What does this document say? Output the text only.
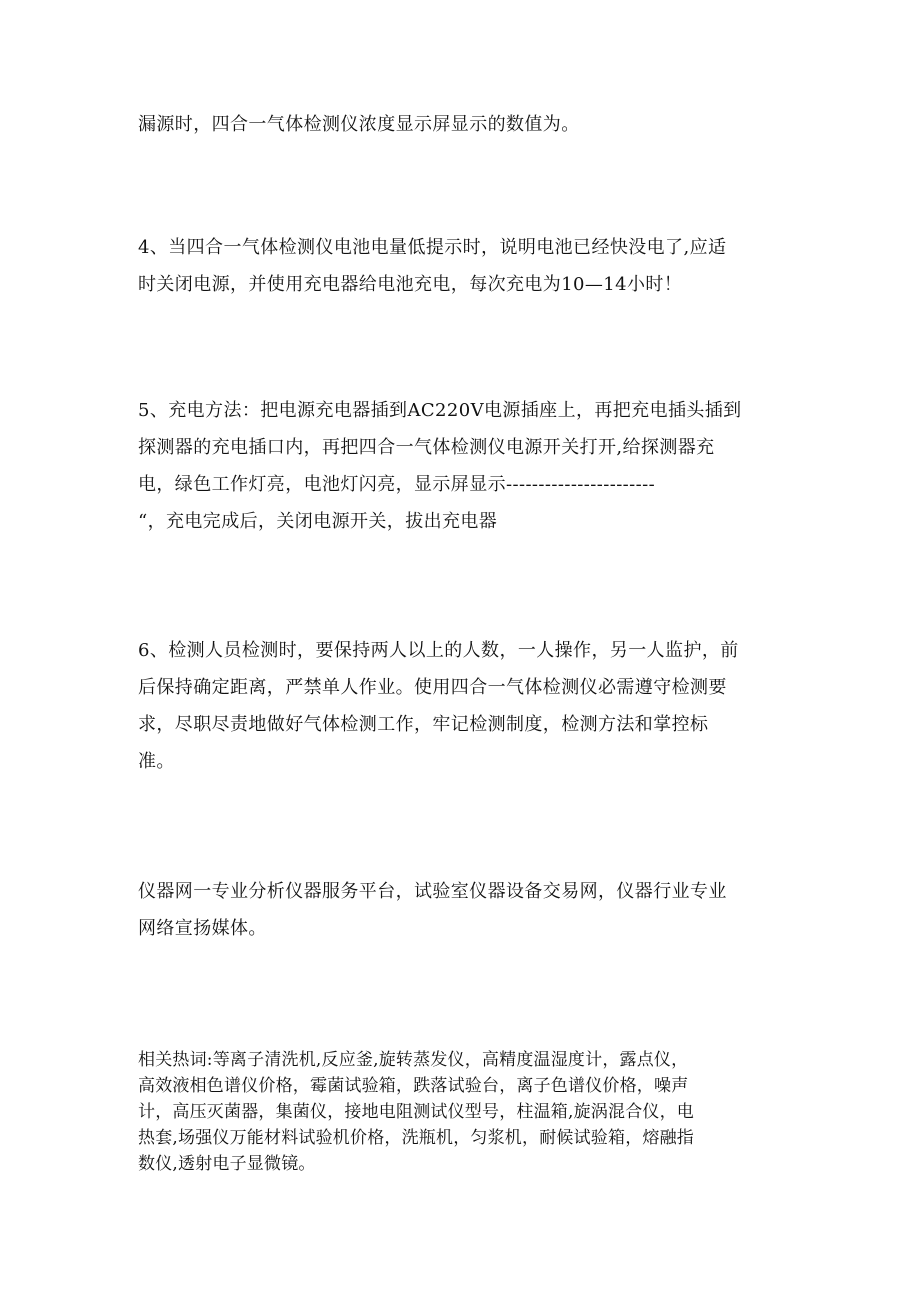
漏源时，四合一气体检测仪浓度显示屏显示的数值为。
4、当四合一气体检测仪电池电量低提示时，说明电池已经快没电了,应适
时关闭电源，并使用充电器给电池充电，每次充电为10—14小时！
5、充电方法：把电源充电器插到AC220V电源插座上，再把充电插头插到
探测器的充电插口内，再把四合一气体检测仪电源开关打开,给探测器充
电，绿色工作灯亮，电池灯闪亮，显示屏显示-----------------------
“，充电完成后，关闭电源开关，拔出充电器
6、检测人员检测时，要保持两人以上的人数，一人操作，另一人监护，前
后保持确定距离，严禁单人作业。使用四合一气体检测仪必需遵守检测要
求，尽职尽责地做好气体检测工作，牢记检测制度，检测方法和掌控标
准。
仪器网一专业分析仪器服务平台，试验室仪器设备交易网，仪器行业专业
网络宣扬媒体。
相关热词:等离子清洗机,反应釜,旋转蒸发仪，高精度温湿度计，露点仪，
高效液相色谱仪价格，霉菌试验箱，跌落试验台，离子色谱仪价格，噪声
计，高压灭菌器，集菌仪，接地电阻测试仪型号，柱温箱,旋涡混合仪，电
热套,场强仪万能材料试验机价格，洗瓶机，匀浆机，耐候试验箱，熔融指
数仪,透射电子显微镜。
